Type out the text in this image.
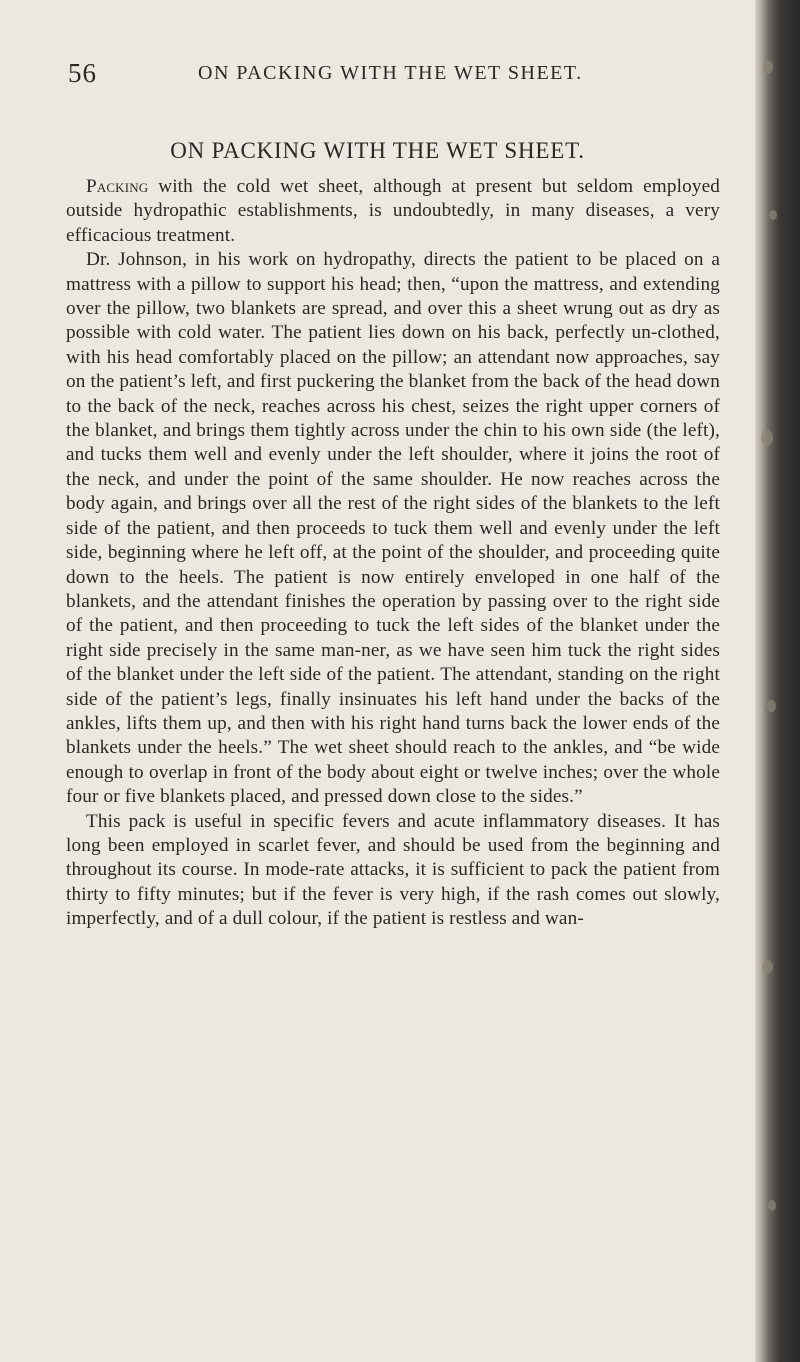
56	ON PACKING WITH THE WET SHEET.
ON PACKING WITH THE WET SHEET.

Packing with the cold wet sheet, although at present but seldom employed outside hydropathic establishments, is undoubtedly, in many diseases, a very efficacious treatment.

Dr. Johnson, in his work on hydropathy, directs the patient to be placed on a mattress with a pillow to support his head; then, “upon the mattress, and extending over the pillow, two blankets are spread, and over this a sheet wrung out as dry as possible with cold water. The patient lies down on his back, perfectly un-clothed, with his head comfortably placed on the pillow; an attendant now approaches, say on the patient’s left, and first puckering the blanket from the back of the head down to the back of the neck, reaches across his chest, seizes the right upper corners of the blanket, and brings them tightly across under the chin to his own side (the left), and tucks them well and evenly under the left shoulder, where it joins the root of the neck, and under the point of the same shoulder. He now reaches across the body again, and brings over all the rest of the right sides of the blankets to the left side of the patient, and then proceeds to tuck them well and evenly under the left side, beginning where he left off, at the point of the shoulder, and proceeding quite down to the heels. The patient is now entirely enveloped in one half of the blankets, and the attendant finishes the operation by passing over to the right side of the patient, and then proceeding to tuck the left sides of the blanket under the right side precisely in the same man-ner, as we have seen him tuck the right sides of the blanket under the left side of the patient. The attendant, standing on the right side of the patient’s legs, finally insinuates his left hand under the backs of the ankles, lifts them up, and then with his right hand turns back the lower ends of the blankets under the heels.” The wet sheet should reach to the ankles, and “be wide enough to overlap in front of the body about eight or twelve inches; over the whole four or five blankets placed, and pressed down close to the sides.”

This pack is useful in specific fevers and acute inflammatory diseases. It has long been employed in scarlet fever, and should be used from the beginning and throughout its course. In mode-rate attacks, it is sufficient to pack the patient from thirty to fifty minutes; but if the fever is very high, if the rash comes out slowly, imperfectly, and of a dull colour, if the patient is restless and wan-
